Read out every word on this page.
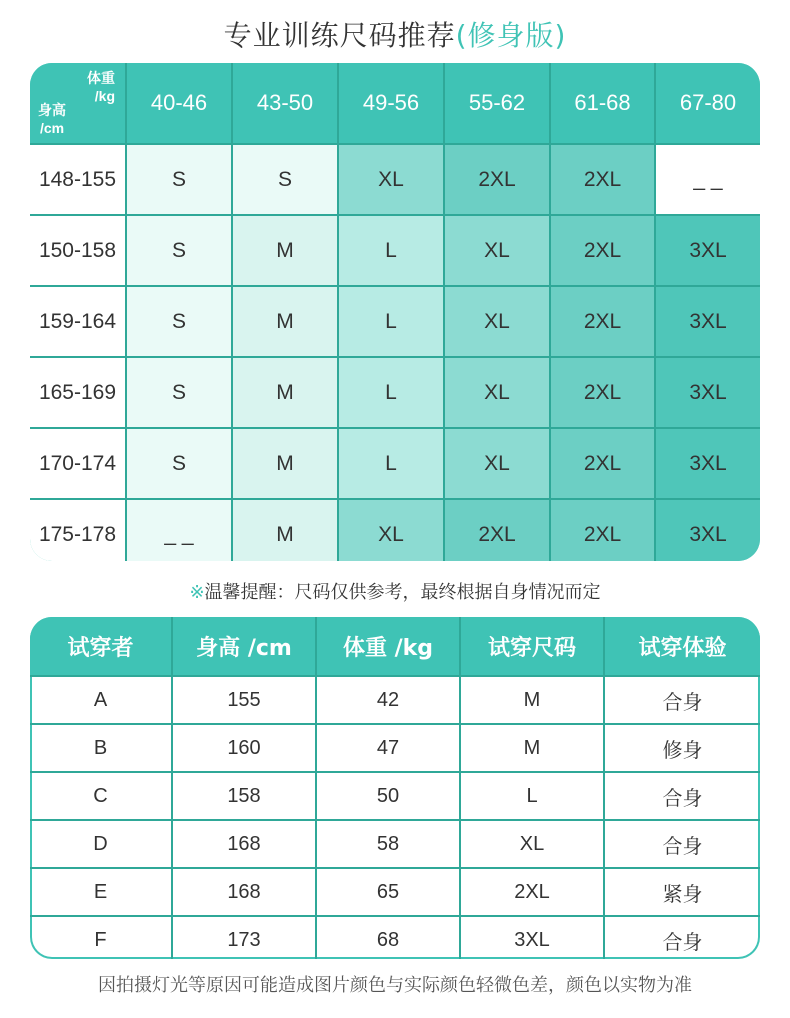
专业训练尺码推荐(修身版)
体重
/kg
身高
/cm	40-46	43-50	49-56	55-62	61-68	67-80
148-155	S	S	XL	2XL	2XL	_ _
150-158	S	M	L	XL	2XL	3XL
159-164	S	M	L	XL	2XL	3XL
165-169	S	M	L	XL	2XL	3XL
170-174	S	M	L	XL	2XL	3XL
175-178	_ _	M	XL	2XL	2XL	3XL
※温馨提醒：尺码仅供参考，最终根据自身情况而定
试穿者	身高 /cm	体重 /kg	试穿尺码	试穿体验
A	155	42	M	合身
B	160	47	M	修身
C	158	50	L	合身
D	168	58	XL	合身
E	168	65	2XL	紧身
F	173	68	3XL	合身
因拍摄灯光等原因可能造成图片颜色与实际颜色轻微色差，颜色以实物为准
